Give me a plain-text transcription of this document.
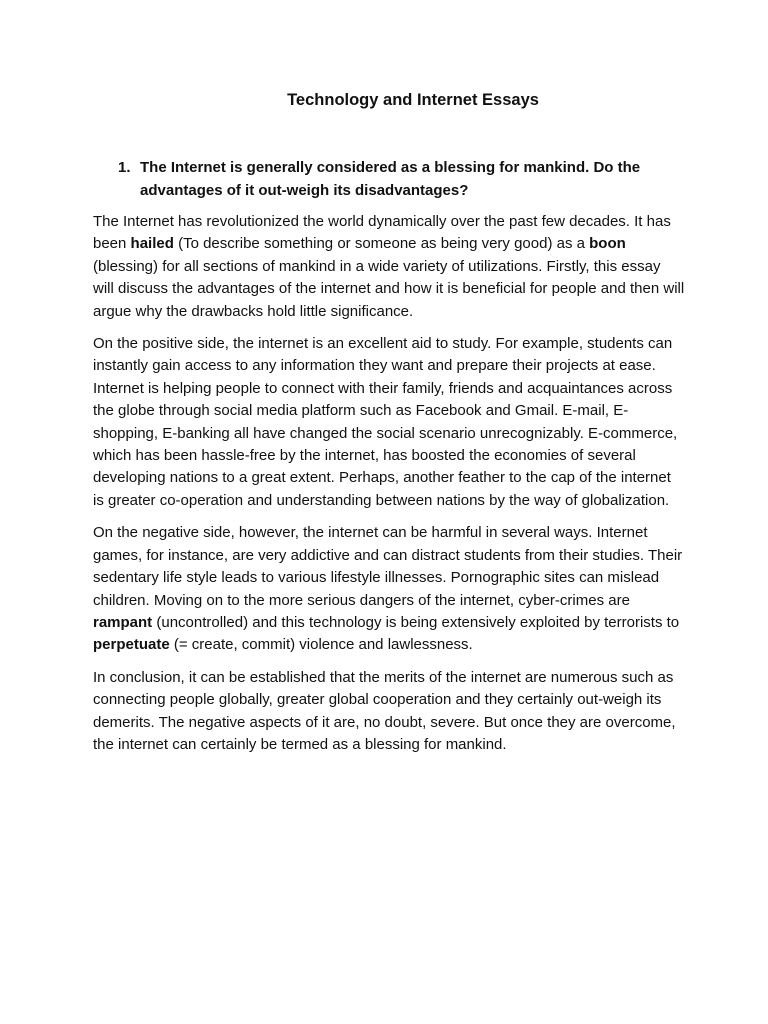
Technology and Internet Essays
1. The Internet is generally considered as a blessing for mankind. Do the advantages of it out-weigh its disadvantages?

The Internet has revolutionized the world dynamically over the past few decades. It has been hailed (To describe something or someone as being very good) as a boon (blessing) for all sections of mankind in a wide variety of utilizations. Firstly, this essay will discuss the advantages of the internet and how it is beneficial for people and then will argue why the drawbacks hold little significance.

On the positive side, the internet is an excellent aid to study. For example, students can instantly gain access to any information they want and prepare their projects at ease. Internet is helping people to connect with their family, friends and acquaintances across the globe through social media platform such as Facebook and Gmail. E-mail, E-shopping, E-banking all have changed the social scenario unrecognizably. E-commerce, which has been hassle-free by the internet, has boosted the economies of several developing nations to a great extent. Perhaps, another feather to the cap of the internet is greater co-operation and understanding between nations by the way of globalization.

On the negative side, however, the internet can be harmful in several ways. Internet games, for instance, are very addictive and can distract students from their studies. Their sedentary life style leads to various lifestyle illnesses. Pornographic sites can mislead children. Moving on to the more serious dangers of the internet, cyber-crimes are rampant (uncontrolled) and this technology is being extensively exploited by terrorists to perpetuate (= create, commit) violence and lawlessness.

In conclusion, it can be established that the merits of the internet are numerous such as connecting people globally, greater global cooperation and they certainly out-weigh its demerits. The negative aspects of it are, no doubt, severe. But once they are overcome, the internet can certainly be termed as a blessing for mankind.
